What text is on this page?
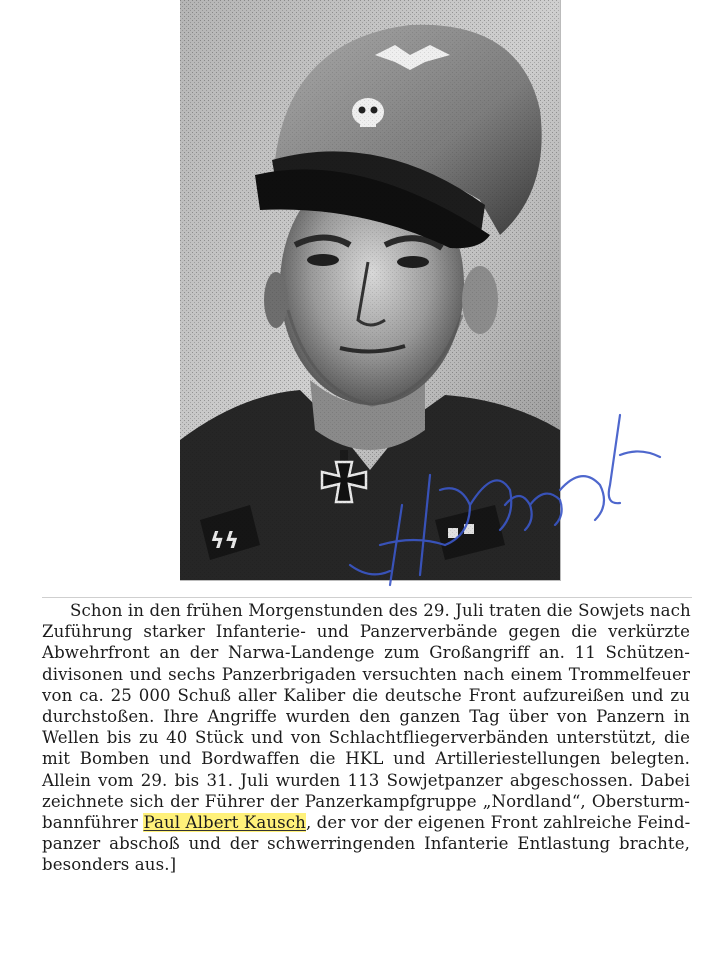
Schon in den frühen Morgenstunden des 29. Juli traten die Sowjets nach
Zuführung starker Infanterie- und Panzerverbände gegen die verkürzte
Abwehrfront an der Narwa-Landenge zum Großangriff an. 11 Schützen-
divisonen und sechs Panzerbrigaden versuchten nach einem Trommelfeuer
von ca. 25 000 Schuß aller Kaliber die deutsche Front aufzureißen und zu
durchstoßen. Ihre Angriffe wurden den ganzen Tag über von Panzern in
Wellen bis zu 40 Stück und von Schlachtfliegerverbänden unterstützt, die
mit Bomben und Bordwaffen die HKL und Artilleriestellungen belegten.
Allein vom 29. bis 31. Juli wurden 113 Sowjetpanzer abgeschossen. Dabei
zeichnete sich der Führer der Panzerkampfgruppe „Nordland“, Obersturm-
bannführer Paul Albert Kausch, der vor der eigenen Front zahlreiche Feind-
panzer abschoß und der schwerringenden Infanterie Entlastung brachte,
besonders aus.]
